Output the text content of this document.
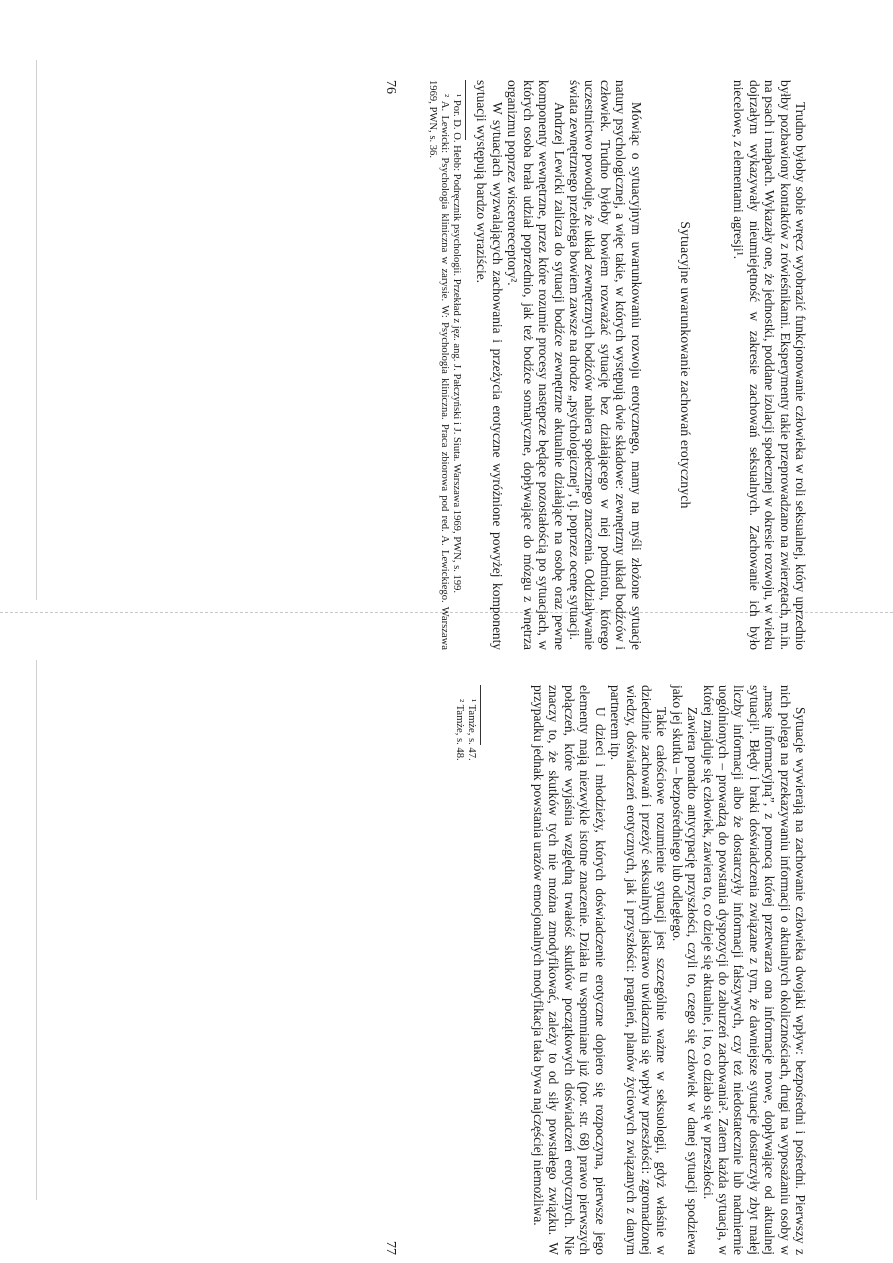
Trudno byłoby sobie wręcz wyobrazić funkcjonowanie człowieka w roli seksualnej, który uprzednio byłby pozbawiony kontaktów z rówieśnikami. Eksperymenty takie przeprowadzano na zwierzętach, m.in. na psach i małpach. Wykazały one, że jednostki, poddane izolacji społecznej w okresie rozwoju, w wieku dojrzałym wykazywały nieumiejętność w zakresie zachowań seksualnych. Zachowanie ich było niecelowe, z elementami agresji¹.

Sytuacyjne uwarunkowanie zachowań erotycznych

Mówiąc o sytuacyjnym uwarunkowaniu rozwoju erotycznego, mamy na myśli złożone sytuacje natury psychologicznej, a więc takie, w których występują dwie składowe: zewnętrzny układ bodźców i człowiek. Trudno byłoby bowiem rozważać sytuację bez działającego w niej podmiotu, którego uczestnictwo powoduje, że układ zewnętrznych bodźców nabiera społecznego znaczenia. Oddziaływanie świata zewnętrznego przebiega bowiem zawsze na drodze „psychologicznej”, tj. poprzez ocenę sytuacji.

Andrzej Lewicki zalicza do sytuacji bodźce zewnętrzne aktualnie działające na osobę oraz pewne komponenty wewnętrzne, przez które rozumie procesy następcze będące pozostałością po sytuacjach, w których osoba brała udział poprzednio, jak też bodźce somatyczne, dopływające do mózgu z wnętrza organizmu poprzez wisceroreceptory².

W sytuacjach wyzwalających zachowania i przeżycia erotyczne wyróżnione powyżej komponenty sytuacji występują bardzo wyraziście.

¹ Por. D. O. Hebb: Podręcznik psychologii. Przekład z jęz. ang. J. Pałczyński i J. Siuta. Warszawa 1969, PWN, s. 199.

² A. Lewicki: Psychologia kliniczna w zarysie. W: Psychologia kliniczna. Praca zbiorowa pod red. A. Lewickiego. Warszawa 1969, PWN, s. 36.

76

Sytuacje wywierają na zachowanie człowieka dwojaki wpływ: bezpośredni i pośredni. Pierwszy z nich polega na przekazywaniu informacji o aktualnych okolicznościach, drugi na wyposażaniu osoby w „masę informacyjną”, z pomocą której przetwarza ona informacje nowe, dopływające od aktualnej sytuacji¹. Błędy i braki doświadczenia związane z tym, że dawniejsze sytuacje dostarczyły zbyt małej liczby informacji albo że dostarczyły informacji fałszywych, czy też niedostatecznie lub nadmiernie uogólnionych – prowadzą do powstania dyspozycji do zaburzeń zachowania². Zatem każda sytuacja, w której znajduje się człowiek, zawiera to, co dzieje się aktualnie, i to, co działo się w przeszłości.

Zawiera ponadto antycypację przyszłości, czyli to, czego się człowiek w danej sytuacji spodziewa jako jej skutku – bezpośredniego lub odległego.

Takie całościowe rozumienie sytuacji jest szczególnie ważne w seksuologii, gdyż właśnie w dziedzinie zachowań i przeżyć seksualnych jaskrawo uwidacznia się wpływ przeszłości: zgromadzonej wiedzy, doświadczeń erotycznych, jak i przyszłości: pragnień, planów życiowych związanych z danym partnerem itp.

U dzieci i młodzieży, których doświadczenie erotyczne dopiero się rozpoczyna, pierwsze jego elementy mają niezwykle istotne znaczenie. Działa tu wspomniane już (por. str. 68) prawo pierwszych połączeń, które wyjaśnia względną trwałość skutków początkowych doświadczeń erotycznych. Nie znaczy to, że skutków tych nie można zmodyfikować, zależy to od siły powstałego związku. W przypadku jednak powstania urazów emocjonalnych modyfikacja taka bywa najczęściej niemożliwa.

¹ Tamże, s. 47.

² Tamże, s. 48.

77
